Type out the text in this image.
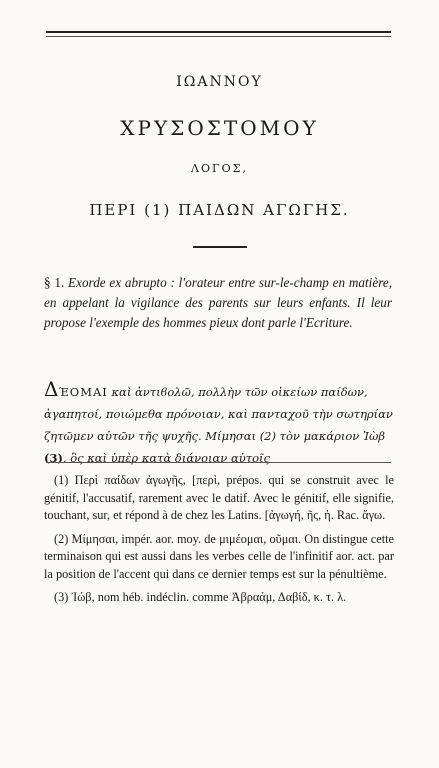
ΙΩΑΝΝΟΥ
ΧΡΥΣΟΣΤΟΜΟΥ
ΛΟΓΟΣ,
ΠΕΡΙ (1) ΠΑΙΔΩΝ ΑΓΩΓΗΣ.
§ 1. Exorde ex abrupto : l'orateur entre sur-le-champ en matière, en appelant la vigilance des parents sur leurs enfants. Il leur propose l'exemple des hommes pieux dont parle l'Ecriture.
ΔΈΟΜΑΙ καὶ ἀντιϐολῶ, πολλὴν τῶν οἰκείων παίδων, ἀγαπητοί, ποιώμεθα πρόνοιαν, καὶ πανταχοῦ τὴν σωτηρίαν ζητῶμεν αὐτῶν τῆς ψυχῆς. Μίμησαι (2) τὸν μακάριον Ἰὼβ (3), ὃς καὶ ὑπὲρ κατὰ διάνοιαν αὐτοῖς

(1) Περὶ παίδων ἀγωγῆς, [περὶ, prépos. qui se construit avec le génitif, l'accusatif, rarement avec le datif. Avec le génitif, elle signifie, touchant, sur, et répond à de chez les Latins. [ἀγωγή, ῆς, ἡ. Rac. ἄγω.

(2) Μίμησαι, impér. aor. moy. de μιμέομαι, οῦμαι. On distingue cette terminaison qui est aussi dans les verbes celle de l'infinitif aor. act. par la position de l'accent qui dans ce dernier temps est sur la pénultième.

(3) Ἰώβ, nom héb. indéclin. comme Ἀβραάμ, Δαβίδ, κ. τ. λ.
